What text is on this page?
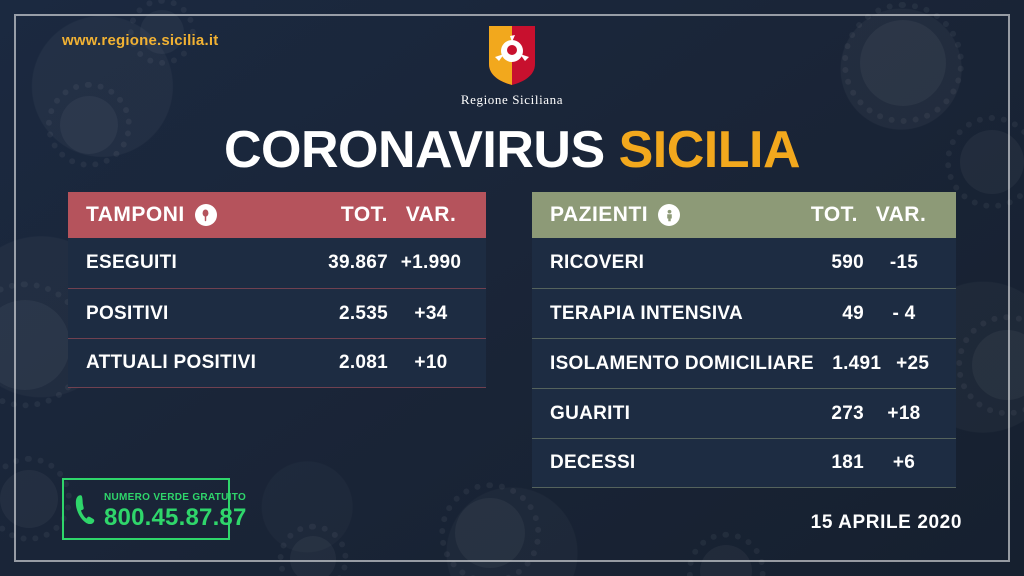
www.regione.sicilia.it
Regione Siciliana
CORONAVIRUS SICILIA
TAMPONI	TOT. VAR.
ESEGUITI	39.867 +1.990
POSITIVI	2.535	+34
ATTUALI POSITIVI	2.081	+10
PAZIENTI	TOT. VAR.
RICOVERI	590	-15
TERAPIA INTENSIVA	49	- 4
ISOLAMENTO DOMICILIARE 1.491 +25
GUARITI	273	+18
DECESSI	181	+6
NUMERO VERDE GRATUITO
800.45.87.87	15 APRILE 2020
